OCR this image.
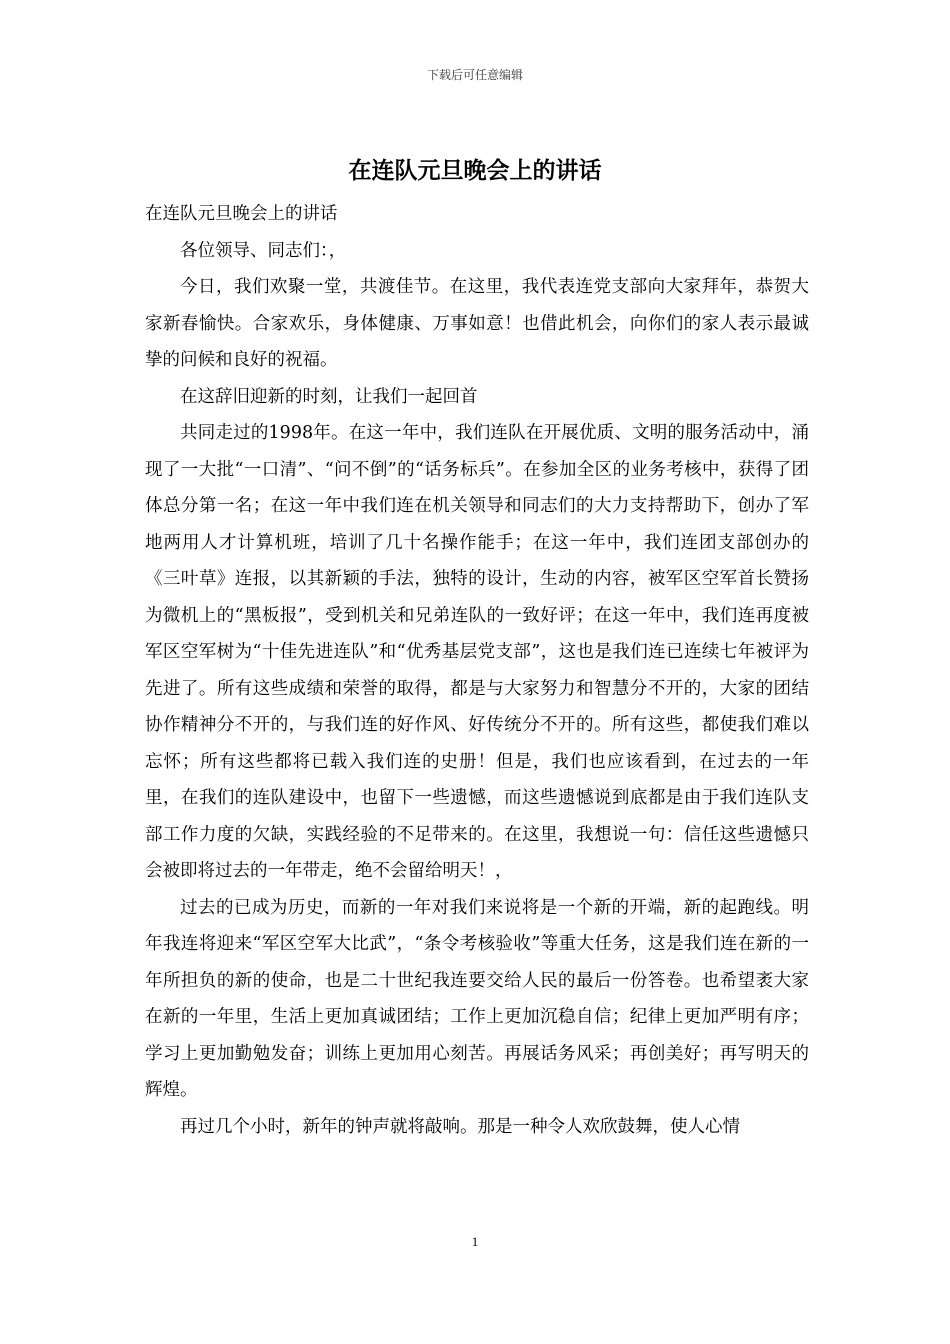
下载后可任意编辑
在连队元旦晚会上的讲话

在连队元旦晚会上的讲话

各位领导、同志们：，

今日，我们欢聚一堂，共渡佳节。在这里，我代表连党支部向大家拜年，恭贺大家新春愉快。合家欢乐，身体健康、万事如意！也借此机会，向你们的家人表示最诚挚的问候和良好的祝福。

在这辞旧迎新的时刻，让我们一起回首

共同走过的1998年。在这一年中，我们连队在开展优质、文明的服务活动中，涌现了一大批“一口清”、“问不倒”的“话务标兵”。在参加全区的业务考核中，获得了团体总分第一名；在这一年中我们连在机关领导和同志们的大力支持帮助下，创办了军地两用人才计算机班，培训了几十名操作能手；在这一年中，我们连团支部创办的《三叶草》连报，以其新颖的手法，独特的设计，生动的内容，被军区空军首长赞扬为微机上的“黑板报”，受到机关和兄弟连队的一致好评；在这一年中，我们连再度被军区空军树为“十佳先进连队”和“优秀基层党支部”，这也是我们连已连续七年被评为先进了。所有这些成绩和荣誉的取得，都是与大家努力和智慧分不开的，大家的团结协作精神分不开的，与我们连的好作风、好传统分不开的。所有这些，都使我们难以忘怀；所有这些都将已载入我们连的史册！但是，我们也应该看到，在过去的一年里，在我们的连队建设中，也留下一些遗憾，而这些遗憾说到底都是由于我们连队支部工作力度的欠缺，实践经验的不足带来的。在这里，我想说一句：信任这些遗憾只会被即将过去的一年带走，绝不会留给明天！，

过去的已成为历史，而新的一年对我们来说将是一个新的开端，新的起跑线。明年我连将迎来“军区空军大比武”，“条令考核验收”等重大任务，这是我们连在新的一年所担负的新的使命，也是二十世纪我连要交给人民的最后一份答卷。也希望袤大家在新的一年里，生活上更加真诚团结；工作上更加沉稳自信；纪律上更加严明有序；学习上更加勤勉发奋；训练上更加用心刻苦。再展话务风采；再创美好；再写明天的辉煌。

再过几个小时，新年的钟声就将敲响。那是一种令人欢欣鼓舞，使人心情

1
